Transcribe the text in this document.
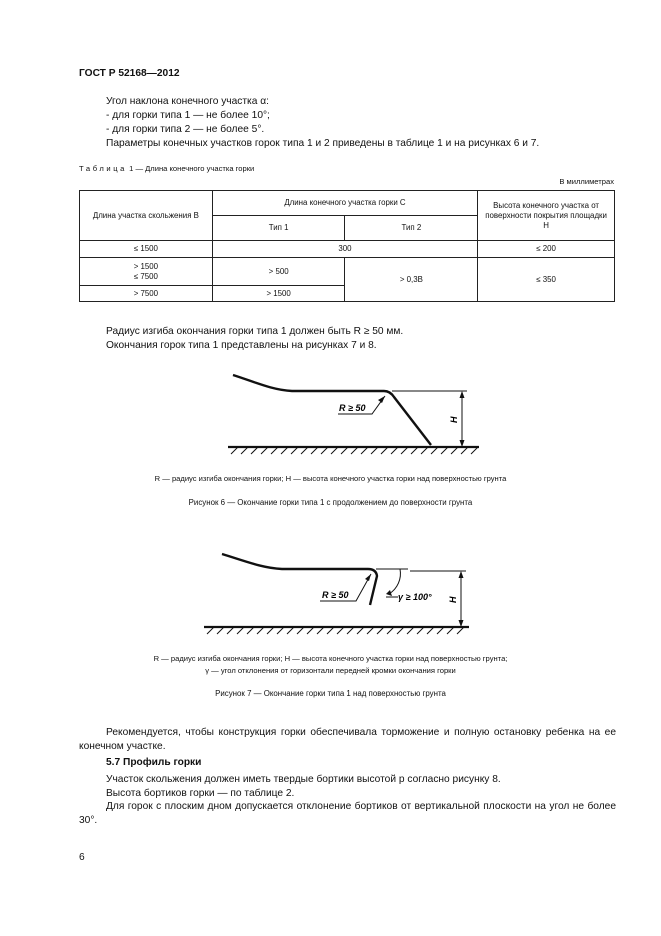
ГОСТ Р 52168—2012
Угол наклона конечного участка α:
- для горки типа 1 — не более 10°;
- для горки типа 2 — не более 5°.
Параметры конечных участков горок типа 1 и 2 приведены в таблице 1 и на рисунках 6 и 7.
Таблица 1 — Длина конечного участка горки
В миллиметрах
Длина участка скольжения B	Длина конечного участка горки C		Высота конечного участка от поверхности покрытия площадки H
	Тип 1	Тип 2	
≤ 1500	300		≤ 200

> 1500
≤ 7500	> 500	> 0,3B	≤ 350
> 7500	> 1500		
Радиус изгиба окончания горки типа 1 должен быть R ≥ 50 мм.
Окончания горок типа 1 представлены на рисунках 7 и 8.
R ≥ 50
H
R — радиус изгиба окончания горки; H — высота конечного участка горки над поверхностью грунта
Рисунок 6 — Окончание горки типа 1 с продолжением до поверхности грунта
R ≥ 50	γ ≥ 100° H
R — радиус изгиба окончания горки; H — высота конечного участка горки над поверхностью грунта;
γ — угол отклонения от горизонтали передней кромки окончания горки
Рисунок 7 — Окончание горки типа 1 над поверхностью грунта
Рекомендуется, чтобы конструкция горки обеспечивала торможение и полную остановку ребенка на ее конечном участке.
5.7 Профиль горки
Участок скольжения должен иметь твердые бортики высотой p согласно рисунку 8.
Высота бортиков горки — по таблице 2.
Для горок с плоским дном допускается отклонение бортиков от вертикальной плоскости на угол не более 30°.
6
